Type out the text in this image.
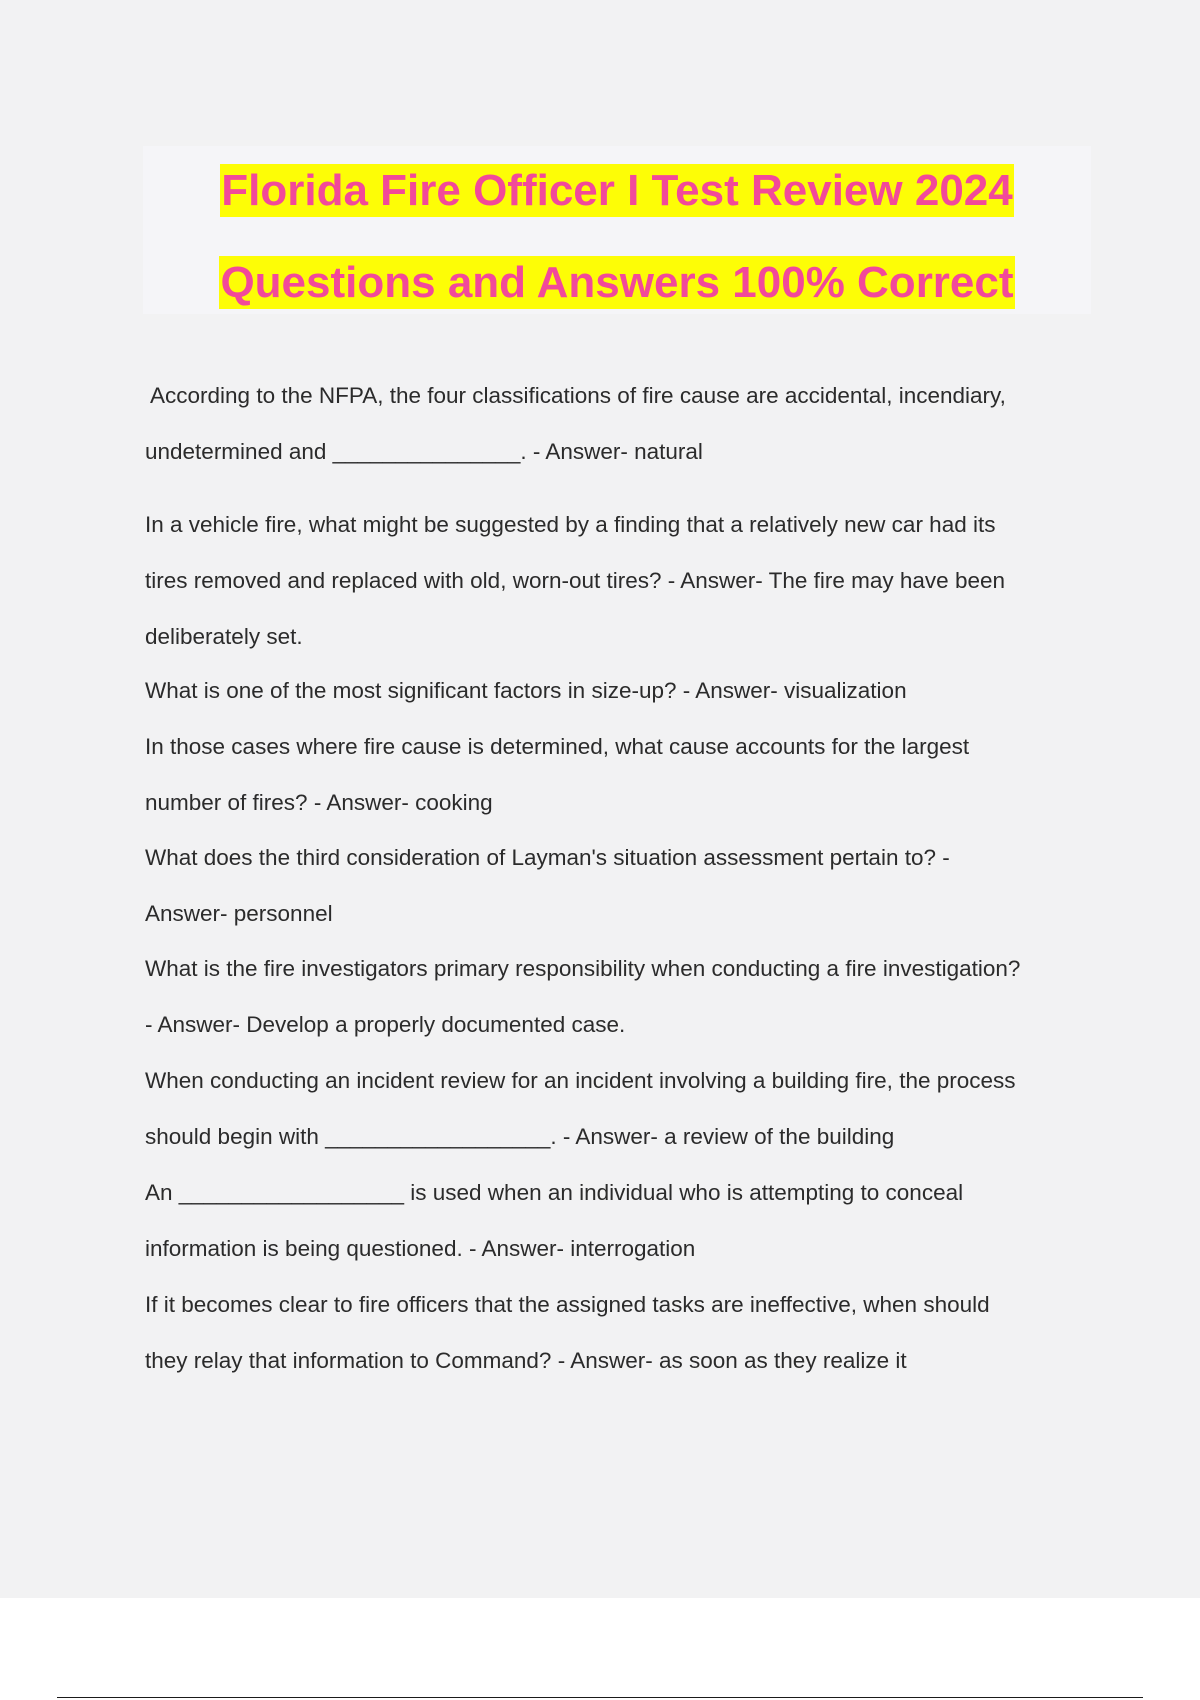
Florida Fire Officer I Test Review 2024

Questions and Answers 100% Correct

According to the NFPA, the four classifications of fire cause are accidental, incendiary,
undetermined and _______________. - Answer- natural
In a vehicle fire, what might be suggested by a finding that a relatively new car had its
tires removed and replaced with old, worn-out tires? - Answer- The fire may have been
deliberately set.
What is one of the most significant factors in size-up? - Answer- visualization
In those cases where fire cause is determined, what cause accounts for the largest
number of fires? - Answer- cooking
What does the third consideration of Layman's situation assessment pertain to? -
Answer- personnel
What is the fire investigators primary responsibility when conducting a fire investigation?
- Answer- Develop a properly documented case.
When conducting an incident review for an incident involving a building fire, the process
should begin with __________________. - Answer- a review of the building
An __________________ is used when an individual who is attempting to conceal
information is being questioned. - Answer- interrogation
If it becomes clear to fire officers that the assigned tasks are ineffective, when should
they relay that information to Command? - Answer- as soon as they realize it
